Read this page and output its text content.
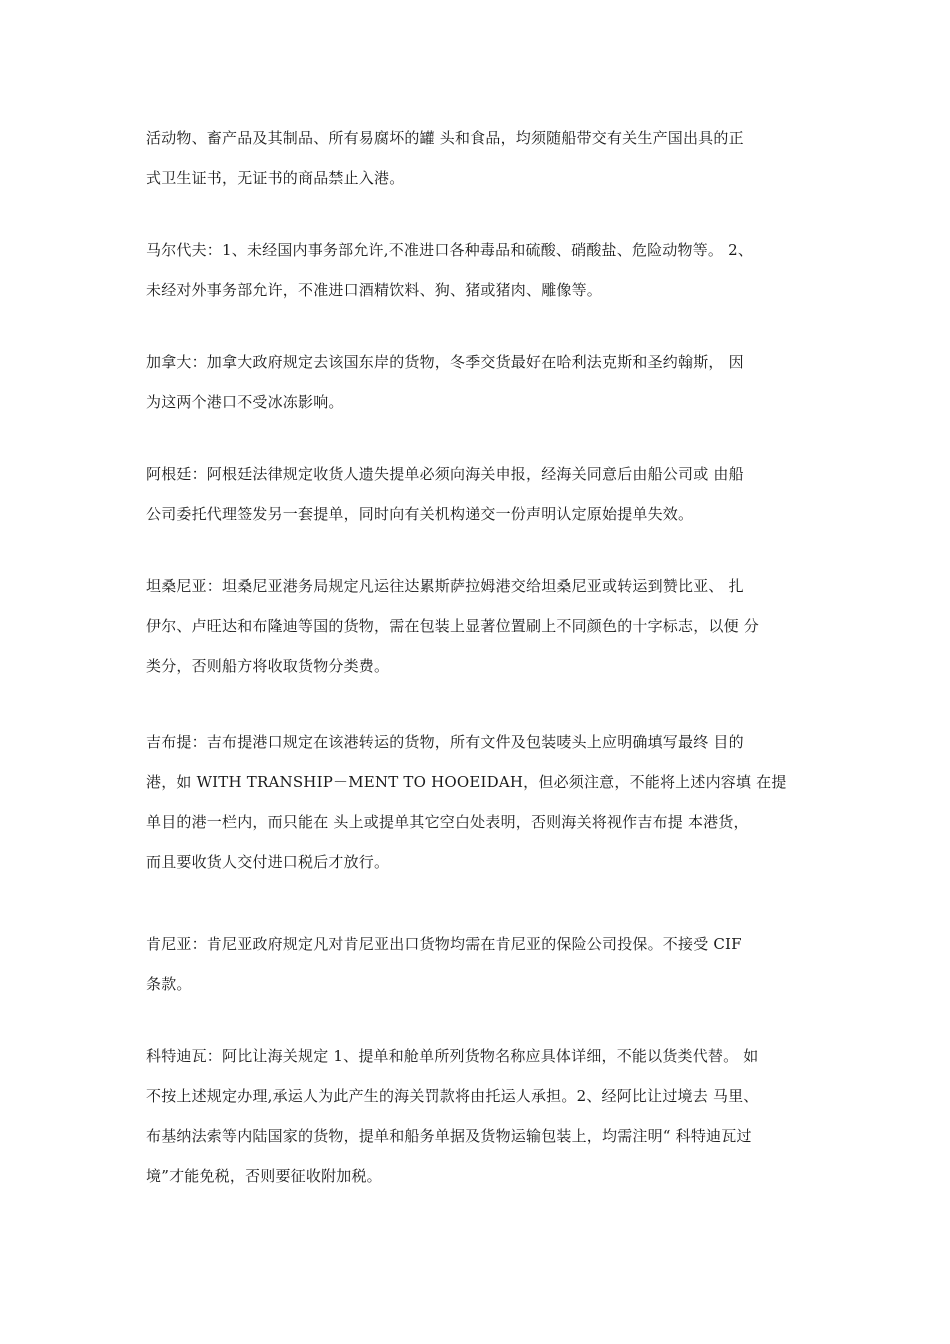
活动物、畜产品及其制品、所有易腐坏的罐 头和食品，均须随船带交有关生产国出具的正
式卫生证书，无证书的商品禁止入港。

马尔代夫：1、未经国内事务部允许,不准进口各种毒品和硫酸、硝酸盐、危险动物等。 2、
未经对外事务部允许，不准进口酒精饮料、狗、猪或猪肉、雕像等。

加拿大：加拿大政府规定去该国东岸的货物，冬季交货最好在哈利法克斯和圣约翰斯， 因
为这两个港口不受冰冻影响。

阿根廷：阿根廷法律规定收货人遗失提单必须向海关申报，经海关同意后由船公司或 由船
公司委托代理签发另一套提单，同时向有关机构递交一份声明认定原始提单失效。

坦桑尼亚：坦桑尼亚港务局规定凡运往达累斯萨拉姆港交给坦桑尼亚或转运到赞比亚、 扎
伊尔、卢旺达和布隆迪等国的货物，需在包装上显著位置刷上不同颜色的十字标志，以便 分
类分，否则船方将收取货物分类费。

吉布提：吉布提港口规定在该港转运的货物，所有文件及包装唛头上应明确填写最终 目的
港，如 WITH TRANSHIP－MENT TO HOOEIDAH，但必须注意，不能将上述内容填 在提
单目的港一栏内，而只能在 头上或提单其它空白处表明，否则海关将视作吉布提 本港货，
而且要收货人交付进口税后才放行。

肯尼亚：肯尼亚政府规定凡对肯尼亚出口货物均需在肯尼亚的保险公司投保。不接受 CIF
条款。

科特迪瓦：阿比让海关规定 1、提单和舱单所列货物名称应具体详细，不能以货类代替。 如
不按上述规定办理,承运人为此产生的海关罚款将由托运人承担。2、经阿比让过境去 马里、
布基纳法索等内陆国家的货物，提单和船务单据及货物运输包装上，均需注明“ 科特迪瓦过
境”才能免税，否则要征收附加税。
